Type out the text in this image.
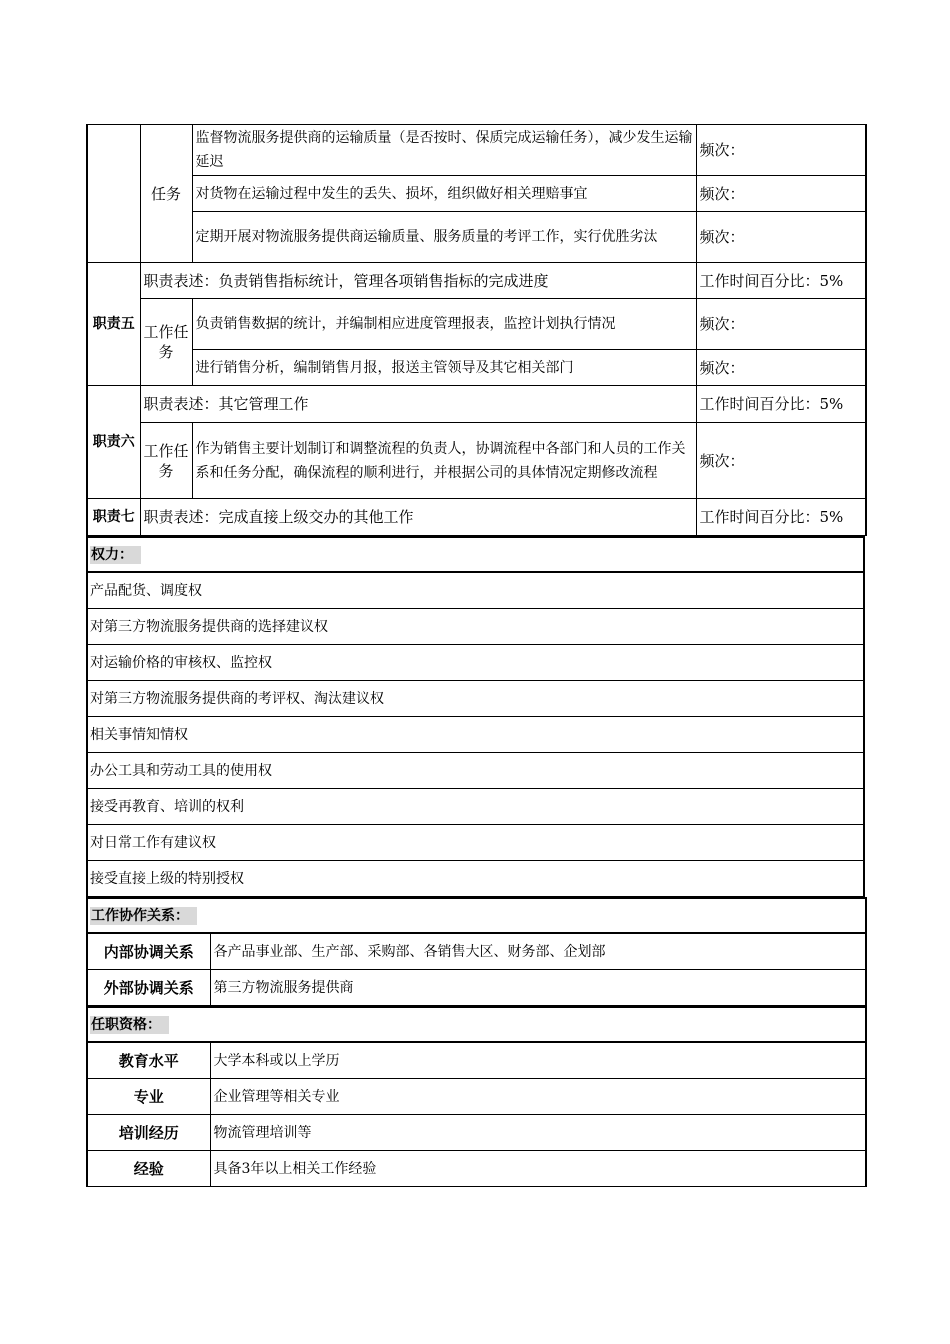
	任务	监督物流服务提供商的运输质量（是否按时、保质完成运输任务），减少发生运输延迟	频次：
		对货物在运输过程中发生的丢失、损坏，组织做好相关理赔事宜	频次：
		定期开展对物流服务提供商运输质量、服务质量的考评工作，实行优胜劣汰	频次：
职责五	职责表述：负责销售指标统计，管理各项销售指标的完成进度		工作时间百分比：5%
	工作任务	负责销售数据的统计，并编制相应进度管理报表，监控计划执行情况	频次：
		进行销售分析，编制销售月报，报送主管领导及其它相关部门	频次：
职责六	职责表述：其它管理工作		工作时间百分比：5%
	工作任务	作为销售主要计划制订和调整流程的负责人，协调流程中各部门和人员的工作关系和任务分配，确保流程的顺利进行，并根据公司的具体情况定期修改流程	频次：
职责七	职责表述：完成直接上级交办的其他工作		工作时间百分比：5%
权力：
产品配货、调度权
对第三方物流服务提供商的选择建议权
对运输价格的审核权、监控权
对第三方物流服务提供商的考评权、淘汰建议权
相关事情知情权
办公工具和劳动工具的使用权
接受再教育、培训的权利
对日常工作有建议权
接受直接上级的特别授权
工作协作关系：	
内部协调关系	各产品事业部、生产部、采购部、各销售大区、财务部、企划部
外部协调关系	第三方物流服务提供商
任职资格：	
教育水平	大学本科或以上学历
专业	企业管理等相关专业
培训经历	物流管理培训等
经验	具备3年以上相关工作经验
